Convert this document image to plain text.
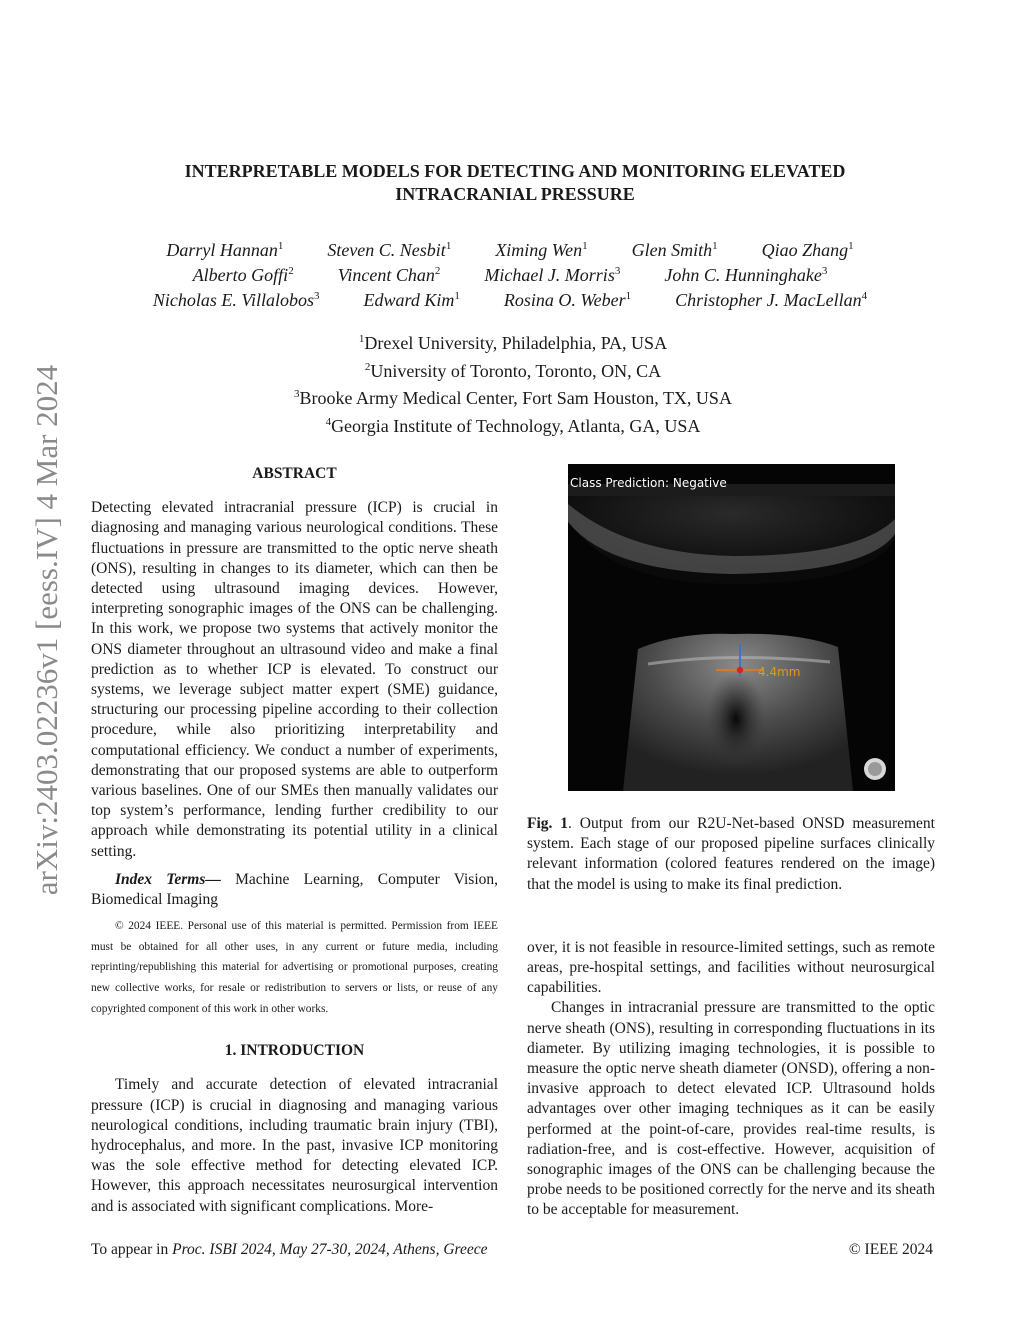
arXiv:2403.02236v1 [eess.IV] 4 Mar 2024
INTERPRETABLE MODELS FOR DETECTING AND MONITORING ELEVATED
INTRACRANIAL PRESSURE
Darryl Hannan$^1$ Steven C. Nesbit$^1$ Ximing Wen$^1$ Glen Smith$^1$ Qiao Zhang$^1$
Alberto Goffi$^2$ Vincent Chan$^2$ Michael J. Morris$^3$ John C. Hunninghake$^3$
Nicholas E. Villalobos$^3$ Edward Kim$^1$ Rosina O. Weber$^1$ Christopher J. MacLellan$^4$
$^1$Drexel University, Philadelphia, PA, USA
$^2$University of Toronto, Toronto, ON, CA
$^3$Brooke Army Medical Center, Fort Sam Houston, TX, USA
$^4$Georgia Institute of Technology, Atlanta, GA, USA
ABSTRACT

Detecting elevated intracranial pressure (ICP) is crucial in diagnosing and managing various neurological conditions. These fluctuations in pressure are transmitted to the optic nerve sheath (ONS), resulting in changes to its diameter, which can then be detected using ultrasound imaging devices. However, interpreting sonographic images of the ONS can be challenging. In this work, we propose two systems that actively monitor the ONS diameter throughout an ultrasound video and make a final prediction as to whether ICP is elevated. To construct our systems, we leverage subject matter expert (SME) guidance, structuring our processing pipeline according to their collection procedure, while also prioritizing interpretability and computational efficiency. We conduct a number of experiments, demonstrating that our proposed systems are able to outperform various baselines. One of our SMEs then manually validates our top system’s performance, lending further credibility to our approach while demonstrating its potential utility in a clinical setting.

Index Terms— Machine Learning, Computer Vision, Biomedical Imaging

© 2024 IEEE. Personal use of this material is permitted. Permission from IEEE must be obtained for all other uses, in any current or future media, including reprinting/republishing this material for advertising or promotional purposes, creating new collective works, for resale or redistribution to servers or lists, or reuse of any copyrighted component of this work in other works.

1. INTRODUCTION

Timely and accurate detection of elevated intracranial pressure (ICP) is crucial in diagnosing and managing various neurological conditions, including traumatic brain injury (TBI), hydrocephalus, and more. In the past, invasive ICP monitoring was the sole effective method for detecting elevated ICP. However, this approach necessitates neurosurgical intervention and is associated with significant complications. More-

Class Prediction: Negative
4.4mm

Fig. 1. Output from our R2U-Net-based ONSD measurement system. Each stage of our proposed pipeline surfaces clinically relevant information (colored features rendered on the image) that the model is using to make its final prediction.

over, it is not feasible in resource-limited settings, such as remote areas, pre-hospital settings, and facilities without neurosurgical capabilities.

Changes in intracranial pressure are transmitted to the optic nerve sheath (ONS), resulting in corresponding fluctuations in its diameter. By utilizing imaging technologies, it is possible to measure the optic nerve sheath diameter (ONSD), offering a non-invasive approach to detect elevated ICP. Ultrasound holds advantages over other imaging techniques as it can be easily performed at the point-of-care, provides real-time results, is radiation-free, and is cost-effective. However, acquisition of sonographic images of the ONS can be challenging because the probe needs to be positioned correctly for the nerve and its sheath to be acceptable for measurement.

To appear in Proc. ISBI 2024, May 27-30, 2024, Athens, Greece	© IEEE 2024
